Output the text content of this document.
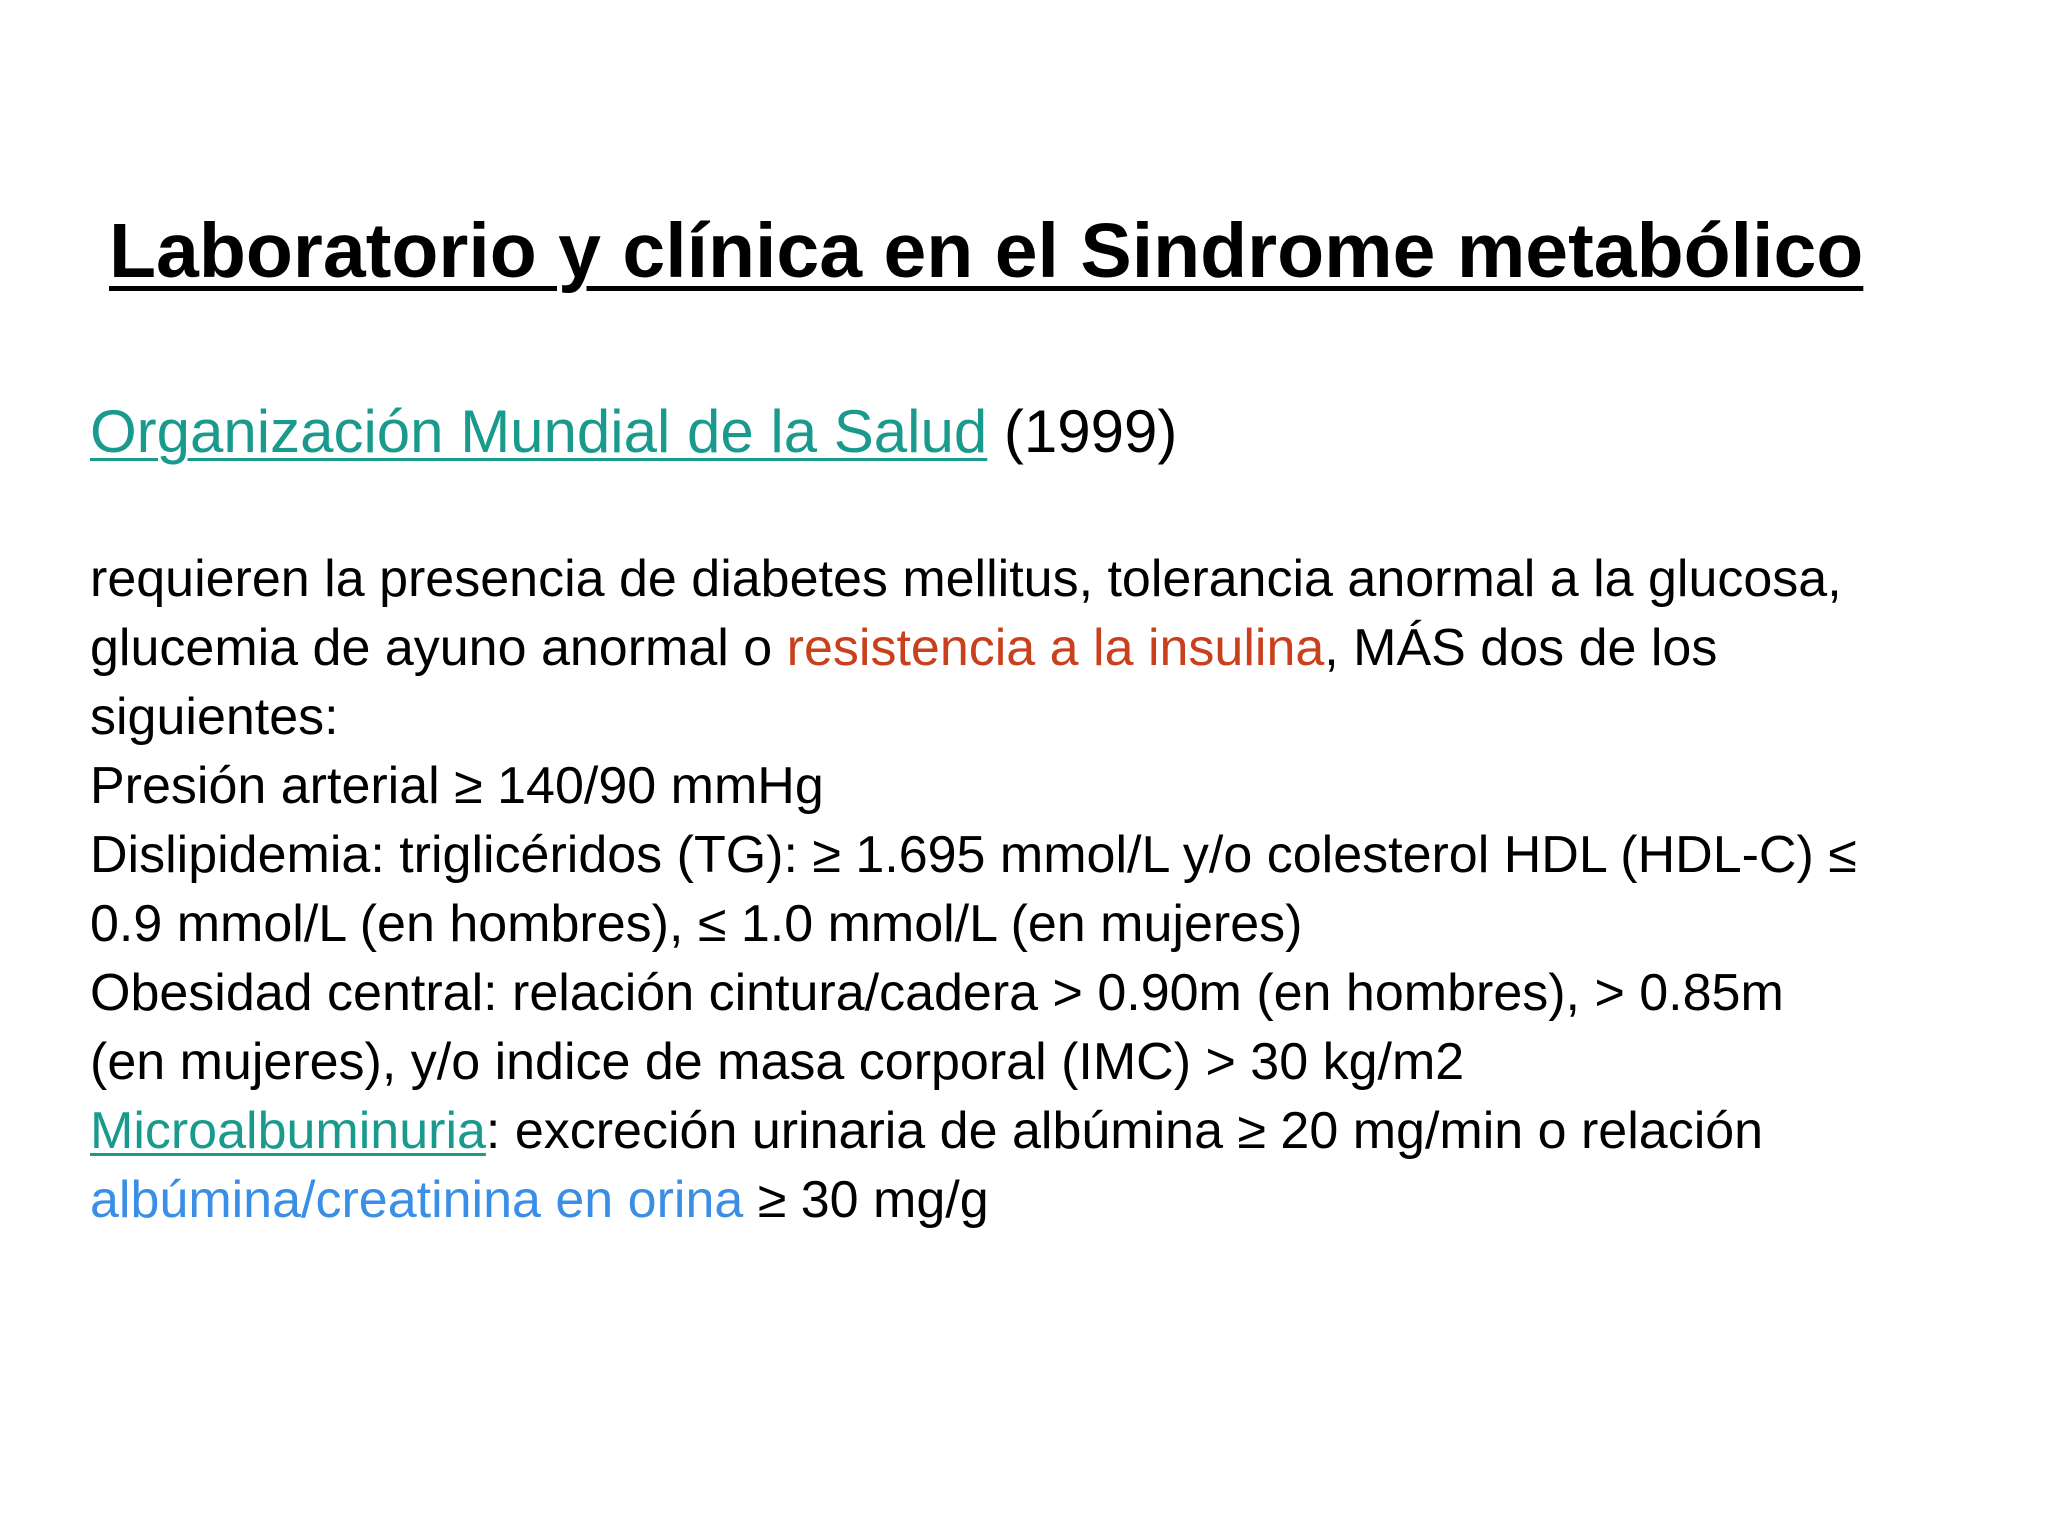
Laboratorio y clínica en el Sindrome metabólico

Organización Mundial de la Salud (1999)

requieren la presencia de diabetes mellitus, tolerancia anormal a la glucosa,
glucemia de ayuno anormal o resistencia a la insulina, MÁS dos de los
siguientes:
Presión arterial ≥ 140/90 mmHg
Dislipidemia: triglicéridos (TG): ≥ 1.695 mmol/L y/o colesterol HDL (HDL-C) ≤
0.9 mmol/L (en hombres), ≤ 1.0 mmol/L (en mujeres)
Obesidad central: relación cintura/cadera > 0.90m (en hombres), > 0.85m
(en mujeres), y/o indice de masa corporal (IMC) > 30 kg/m2
Microalbuminuria: excreción urinaria de albúmina ≥ 20 mg/min o relación
albúmina/creatinina en orina ≥ 30 mg/g
